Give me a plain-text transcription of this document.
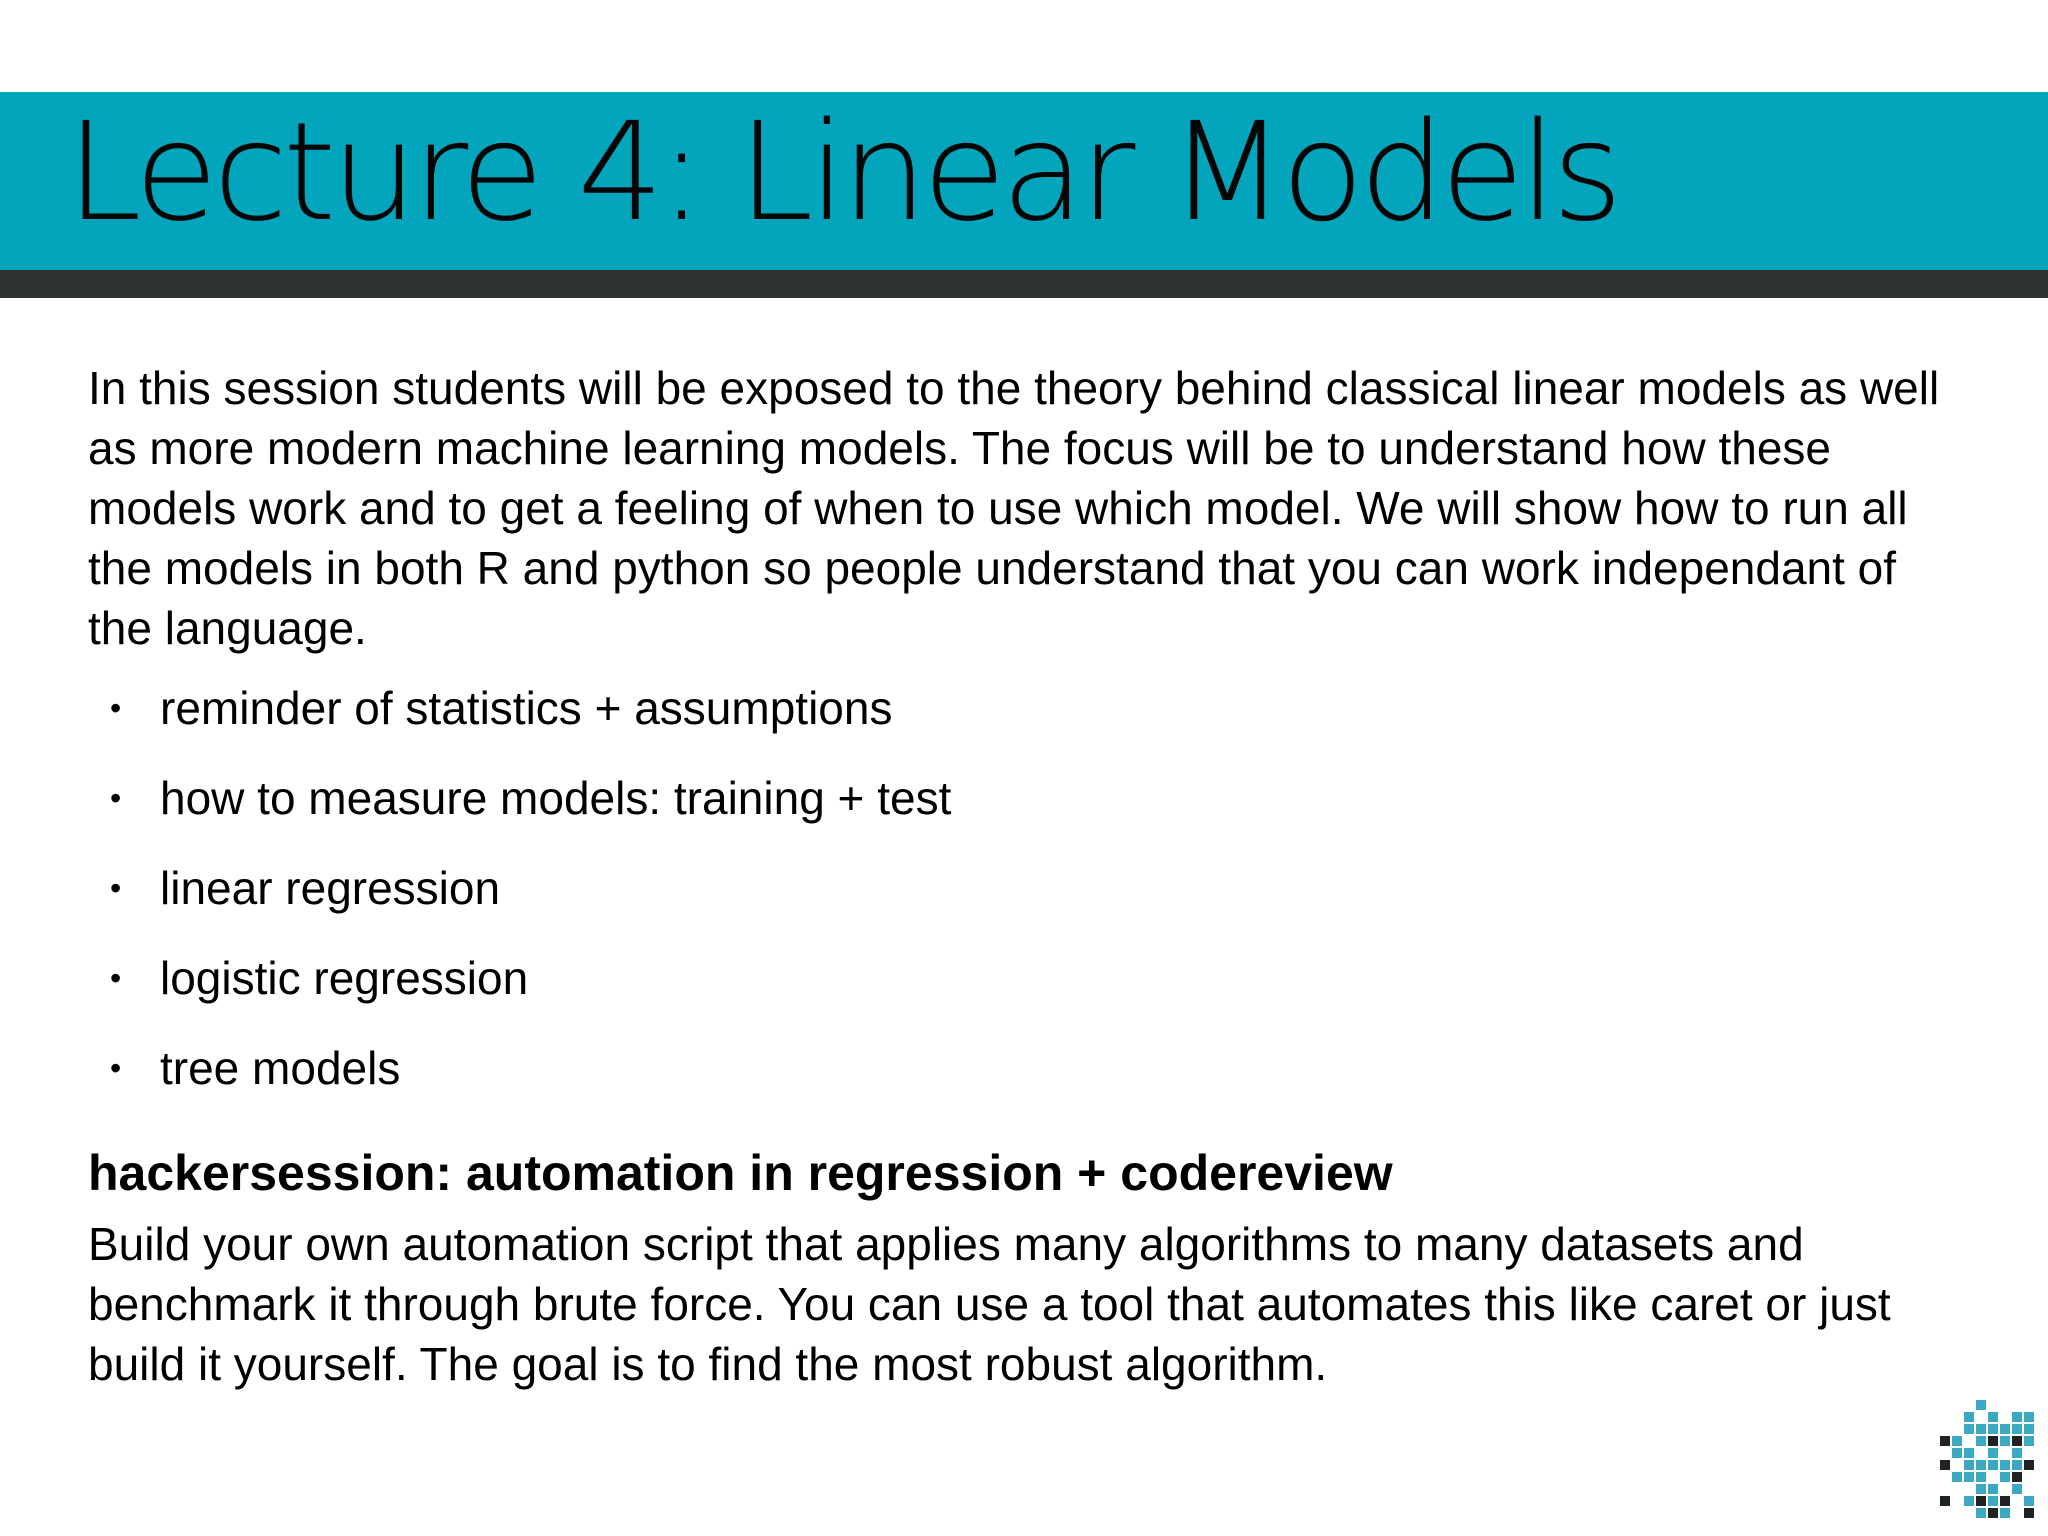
Lecture 4: Linear Models

In this session students will be exposed to the theory behind classical linear models as well as more modern machine learning models. The focus will be to understand how these models work and to get a feeling of when to use which model. We will show how to run all the models in both R and python so people understand that you can work independant of the language.

• reminder of statistics + assumptions
• how to measure models: training + test
• linear regression
• logistic regression
• tree models
hackersession: automation in regression + codereview

Build your own automation script that applies many algorithms to many datasets and benchmark it through brute force. You can use a tool that automates this like caret or just build it yourself. The goal is to find the most robust algorithm.
